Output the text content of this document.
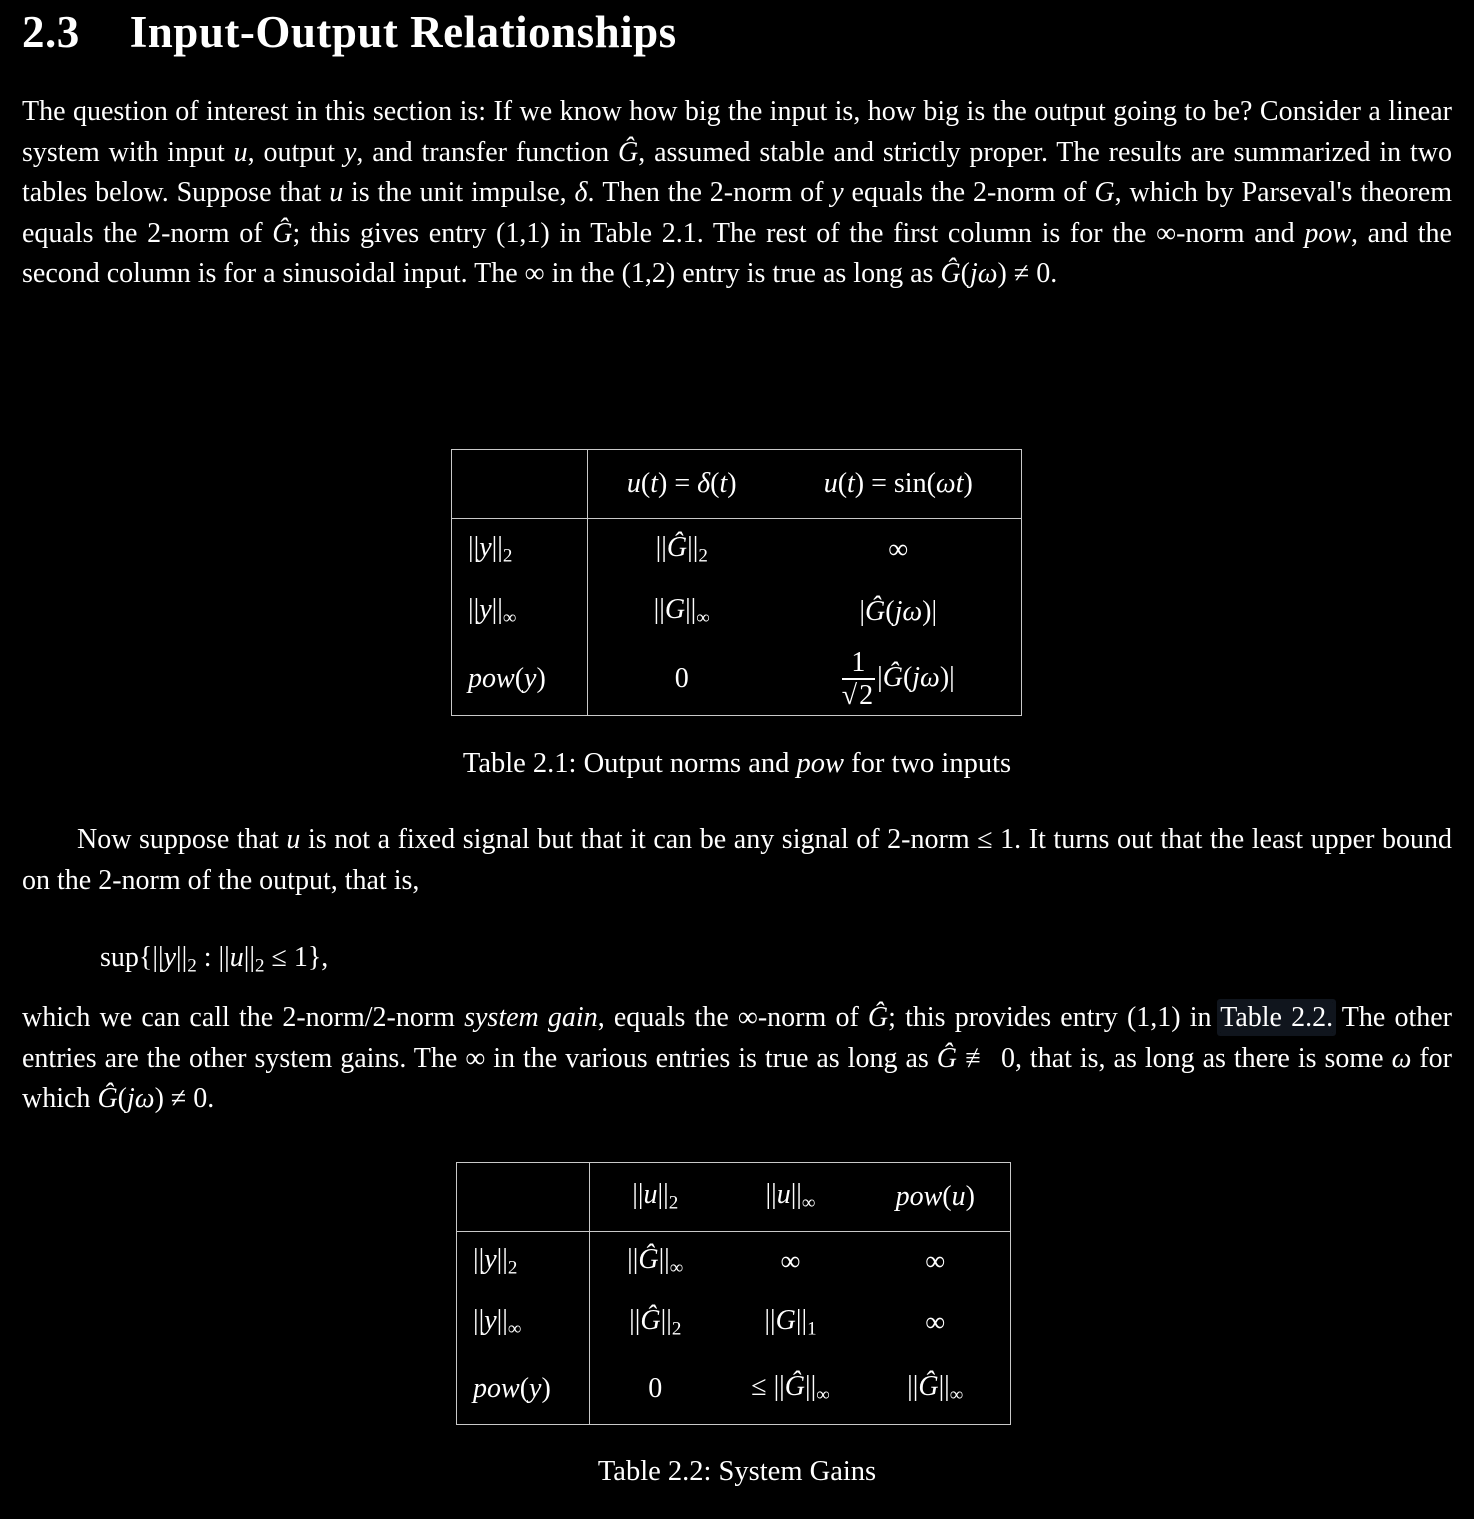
2.3 Input-Output Relationships

The question of interest in this section is: If we know how big the input is, how big is the output going to be? Consider a linear system with input u, output y, and transfer function Ĝ, assumed stable and strictly proper. The results are summarized in two tables below. Suppose that u is the unit impulse, δ. Then the 2-norm of y equals the 2-norm of G, which by Parseval's theorem equals the 2-norm of Ĝ; this gives entry (1,1) in Table 2.1. The rest of the first column is for the ∞-norm and pow, and the second column is for a sinusoidal input. The ∞ in the (1,2) entry is true as long as Ĝ(jω) ≠ 0.

	u(t) = δ(t)	u(t) = sin(ωt)
||y||2	||Ĝ||2	∞
||y||∞	||G||∞	|Ĝ(jω)|
pow(y)	0	$\frac{1}{√2}$ |Ĝ(jω)|
Table 2.1: Output norms and pow for two inputs

Now suppose that u is not a fixed signal but that it can be any signal of 2-norm ≤ 1. It turns out that the least upper bound on the 2-norm of the output, that is,

sup{||y||2 : ||u||2 ≤ 1},

which we can call the 2-norm/2-norm system gain, equals the ∞-norm of Ĝ; this provides entry (1,1) in Table 2.2. The other entries are the other system gains. The ∞ in the various entries is true as long as Ĝ ≢ 0, that is, as long as there is some ω for which Ĝ(jω) ≠ 0.

	||u||2	||u||∞	pow(u)
||y||2	||Ĝ||∞	∞	∞
||y||∞	||Ĝ||2	||G||1	∞
pow(y)	0	≤ ||Ĝ||∞	||Ĝ||∞
Table 2.2: System Gains
